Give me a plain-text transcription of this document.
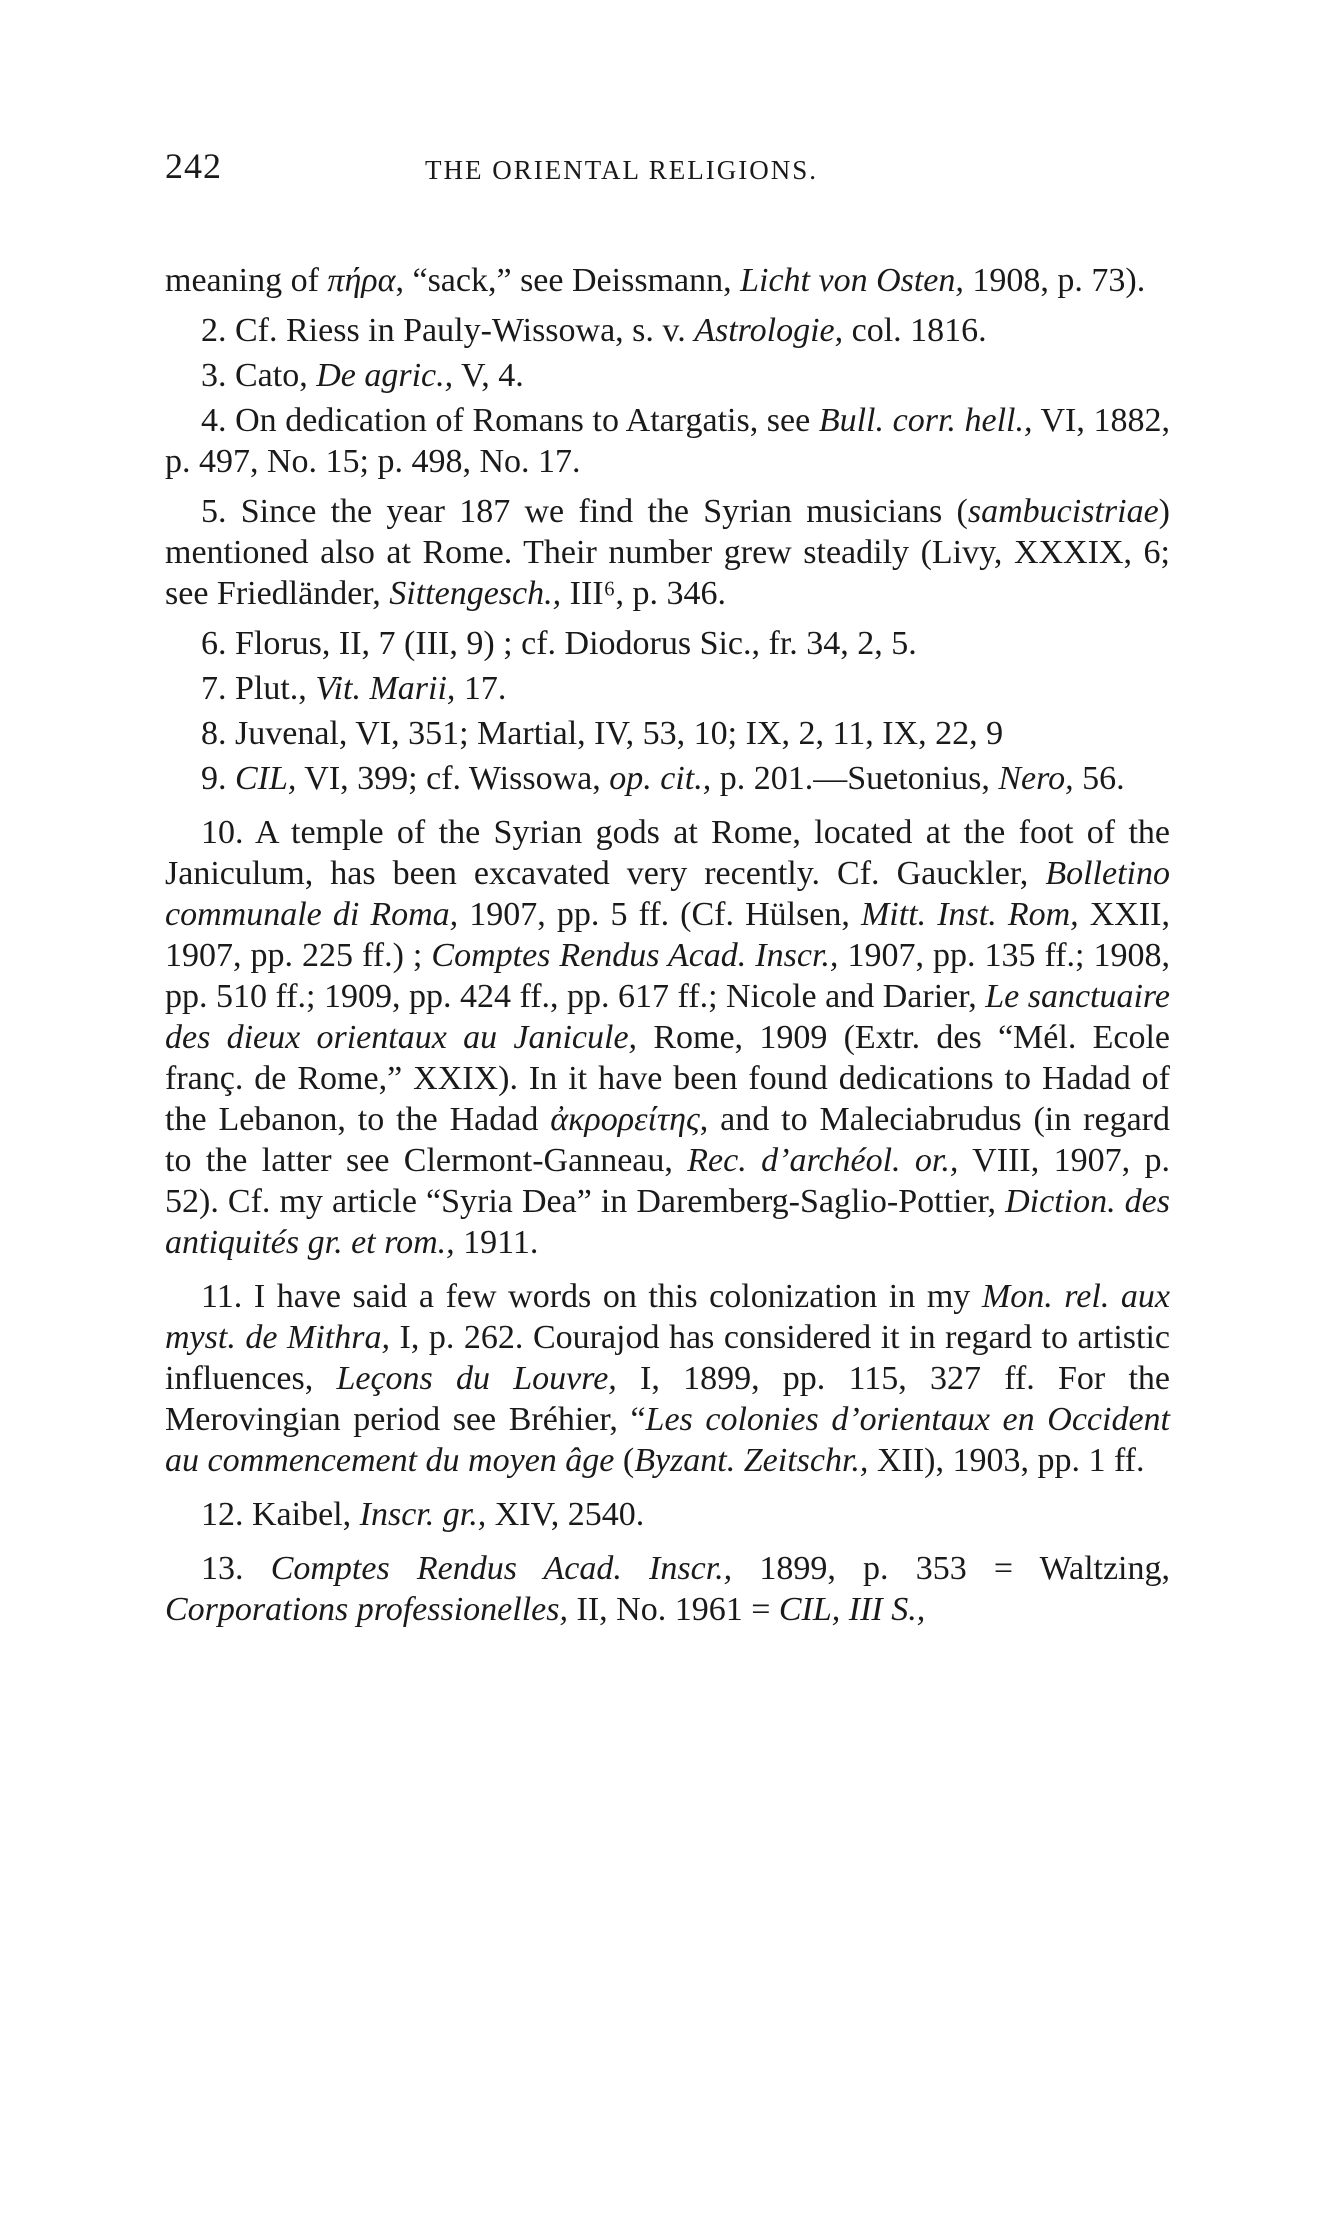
242	THE ORIENTAL RELIGIONS.

meaning of πήρα, “sack,” see Deissmann, Licht von Osten, 1908, p. 73).

2. Cf. Riess in Pauly-Wissowa, s. v. Astrologie, col. 1816.

3. Cato, De agric., V, 4.

4. On dedication of Romans to Atargatis, see Bull. corr. hell., VI, 1882, p. 497, No. 15; p. 498, No. 17.

5. Since the year 187 we find the Syrian musicians (sambucistriae) mentioned also at Rome. Their number grew steadily (Livy, XXXIX, 6; see Friedländer, Sittengesch., III⁶, p. 346.

6. Florus, II, 7 (III, 9) ; cf. Diodorus Sic., fr. 34, 2, 5.

7. Plut., Vit. Marii, 17.

8. Juvenal, VI, 351; Martial, IV, 53, 10; IX, 2, 11, IX, 22, 9

9. CIL, VI, 399; cf. Wissowa, op. cit., p. 201.—Suetonius, Nero, 56.

10. A temple of the Syrian gods at Rome, located at the foot of the Janiculum, has been excavated very recently. Cf. Gauckler, Bolletino communale di Roma, 1907, pp. 5 ff. (Cf. Hülsen, Mitt. Inst. Rom, XXII, 1907, pp. 225 ff.) ; Comptes Rendus Acad. Inscr., 1907, pp. 135 ff.; 1908, pp. 510 ff.; 1909, pp. 424 ff., pp. 617 ff.; Nicole and Darier, Le sanctuaire des dieux orientaux au Janicule, Rome, 1909 (Extr. des “Mél. Ecole franç. de Rome,” XXIX). In it have been found dedications to Hadad of the Lebanon, to the Hadad ἀκρορείτης, and to Maleciabrudus (in regard to the latter see Clermont-Ganneau, Rec. d’archéol. or., VIII, 1907, p. 52). Cf. my article “Syria Dea” in Daremberg-Saglio-Pottier, Diction. des antiquités gr. et rom., 1911.

11. I have said a few words on this colonization in my Mon. rel. aux myst. de Mithra, I, p. 262. Courajod has considered it in regard to artistic influences, Leçons du Louvre, I, 1899, pp. 115, 327 ff. For the Merovingian period see Bréhier, “Les colonies d’orientaux en Occident au commencement du moyen âge (Byzant. Zeitschr., XII), 1903, pp. 1 ff.

12. Kaibel, Inscr. gr., XIV, 2540.

13. Comptes Rendus Acad. Inscr., 1899, p. 353 = Waltzing, Corporations professionelles, II, No. 1961 = CIL, III S.,
